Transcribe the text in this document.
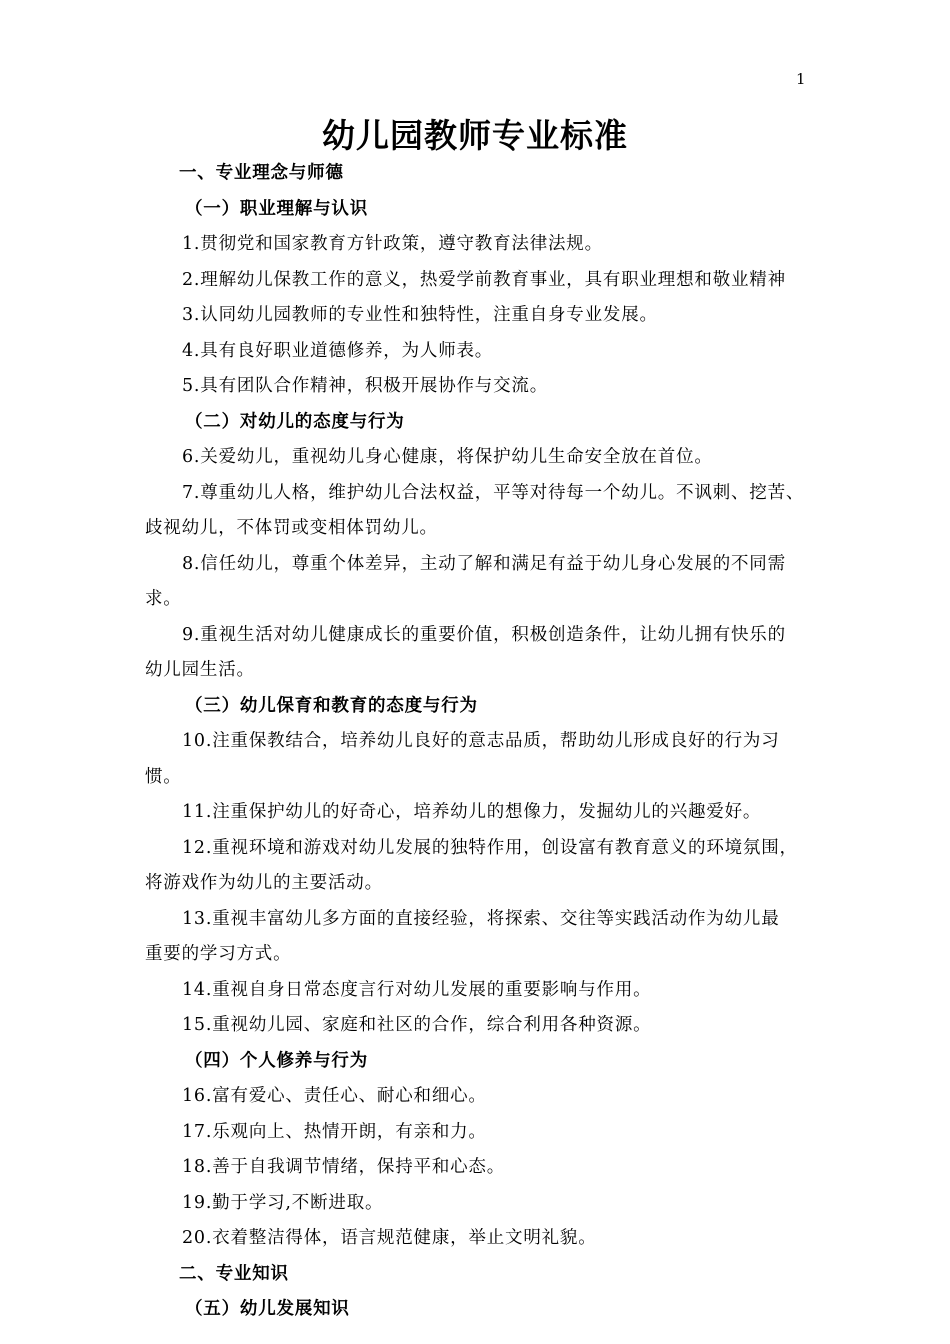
1
幼儿园教师专业标准
一、专业理念与师德
（一）职业理解与认识
1.贯彻党和国家教育方针政策，遵守教育法律法规。
2.理解幼儿保教工作的意义，热爱学前教育事业，具有职业理想和敬业精神
3.认同幼儿园教师的专业性和独特性，注重自身专业发展。
4.具有良好职业道德修养，为人师表。
5.具有团队合作精神，积极开展协作与交流。
（二）对幼儿的态度与行为
6.关爱幼儿，重视幼儿身心健康，将保护幼儿生命安全放在首位。
7.尊重幼儿人格，维护幼儿合法权益，平等对待每一个幼儿。不讽刺、挖苦、
歧视幼儿，不体罚或变相体罚幼儿。
8.信任幼儿，尊重个体差异，主动了解和满足有益于幼儿身心发展的不同需
求。
9.重视生活对幼儿健康成长的重要价值，积极创造条件，让幼儿拥有快乐的
幼儿园生活。
（三）幼儿保育和教育的态度与行为
10.注重保教结合，培养幼儿良好的意志品质，帮助幼儿形成良好的行为习
惯。
11.注重保护幼儿的好奇心，培养幼儿的想像力，发掘幼儿的兴趣爱好。
12.重视环境和游戏对幼儿发展的独特作用，创设富有教育意义的环境氛围，
将游戏作为幼儿的主要活动。
13.重视丰富幼儿多方面的直接经验，将探索、交往等实践活动作为幼儿最
重要的学习方式。
14.重视自身日常态度言行对幼儿发展的重要影响与作用。
15.重视幼儿园、家庭和社区的合作，综合利用各种资源。
（四）个人修养与行为
16.富有爱心、责任心、耐心和细心。
17.乐观向上、热情开朗，有亲和力。
18.善于自我调节情绪，保持平和心态。
19.勤于学习,不断进取。
20.衣着整洁得体，语言规范健康，举止文明礼貌。
二、专业知识
（五）幼儿发展知识
